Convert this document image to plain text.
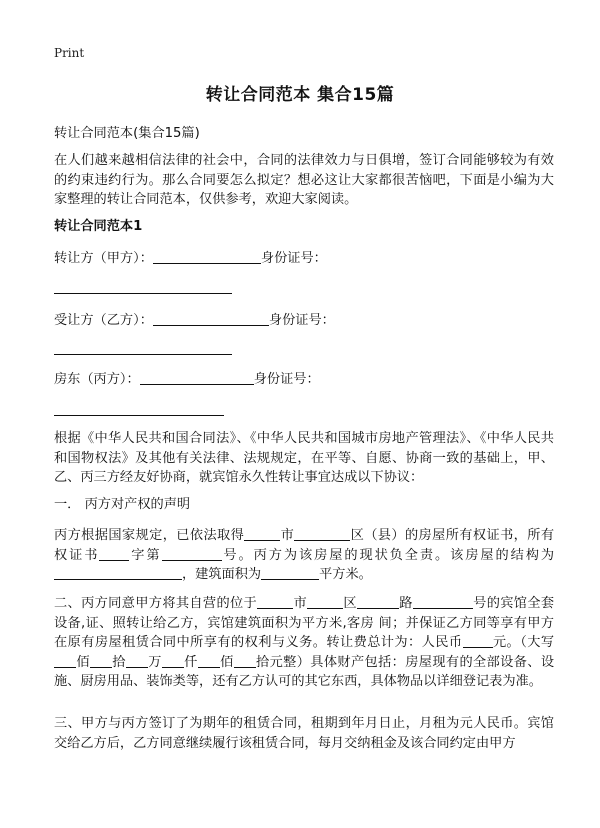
Print
转让合同范本 集合15篇
转让合同范本(集合15篇)
在人们越来越相信法律的社会中，合同的法律效力与日俱增，签订合同能够较为有效的约束违约行为。那么合同要怎么拟定？想必这让大家都很苦恼吧，下面是小编为大家整理的转让合同范本，仅供参考，欢迎大家阅读。
转让合同范本1
转让方（甲方）：	身份证号：
受让方（乙方）：	身份证号：
房东（丙方）：	身份证号：
根据《中华人民共和国合同法》、《中华人民共和国城市房地产管理法》、《中华人民共和国物权法》及其他有关法律、法规规定，在平等、自愿、协商一致的基础上，甲、乙、丙三方经友好协商，就宾馆永久性转让事宜达成以下协议：
一． 丙方对产权的声明
丙方根据国家规定，已依法取得	市	区（县）的房屋所有权证书，所有权证书 字第	号。丙方为该房屋的现状负全责。该房屋的结构为 ，建筑面积为	平方米。
二、丙方同意甲方将其自营的位于	市	区	路	号的宾馆全套设备,证、照转让给乙方，宾馆建筑面积为平方米,客房 间；并保证乙方同等享有甲方在原有房屋租赁合同中所享有的权利与义务。转让费总计为：人民币 元。（大写佰 拾 万 仟 佰 拾元整）具体财产包括：房屋现有的全部设备、设施、厨房用品、装饰类等，还有乙方认可的其它东西，具体物品以详细登记表为准。
三、甲方与丙方签订了为期年的租赁合同，租期到年月日止，月租为元人民币。宾馆交给乙方后，乙方同意继续履行该租赁合同，每月交纳租金及该合同约定由甲方
